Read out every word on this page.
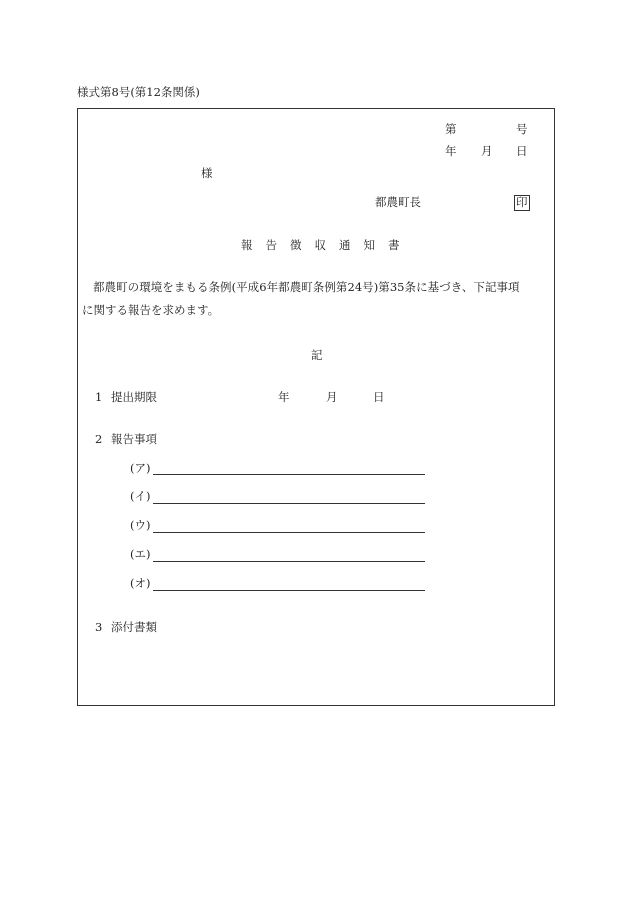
様式第8号(第12条関係)
第	号
年 月 日
様
都農町長	印
報 告 徴 収 通 知 書
都農町の環境をまもる条例(平成6年都農町条例第24号)第35条に基づき、下記事項
に関する報告を求めます。
記
1 提出期限	年	月	日
2 報告事項
(ア)
(イ)
(ウ)
(エ)
(オ)
3 添付書類
